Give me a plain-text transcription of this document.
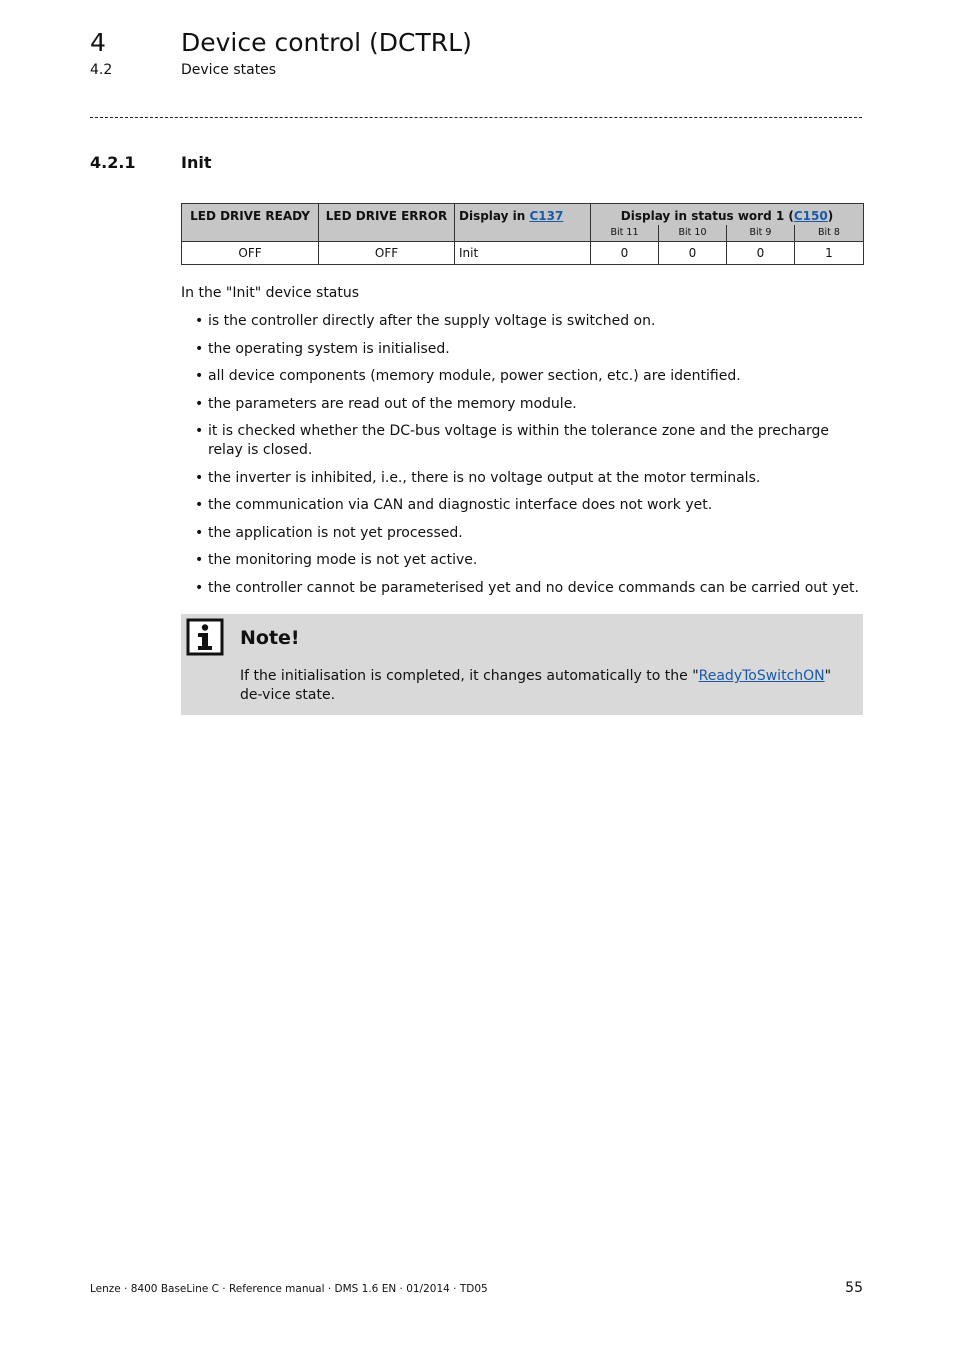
4	Device control (DCTRL)
4.2	Device states
4.2.1	Init
LED DRIVE READY	LED DRIVE ERROR	Display in C137	Display in status word 1 (C150)			
			Bit 11	Bit 10	Bit 9	Bit 8
OFF	OFF	Init	0	0	0	1
In the "Init" device status
• is the controller directly after the supply voltage is switched on.
• the operating system is initialised.
• all device components (memory module, power section, etc.) are identified.
• the parameters are read out of the memory module.
• it is checked whether the DC-bus voltage is within the tolerance zone and the precharge relay is closed.
• the inverter is inhibited, i.e., there is no voltage output at the motor terminals.
• the communication via CAN and diagnostic interface does not work yet.
• the application is not yet processed.
• the monitoring mode is not yet active.
• the controller cannot be parameterised yet and no device commands can be carried out yet.
Note!
If the initialisation is completed, it changes automatically to the "ReadyToSwitchON" de-vice state.
Lenze · 8400 BaseLine C · Reference manual · DMS 1.6 EN · 01/2014 · TD05	55
